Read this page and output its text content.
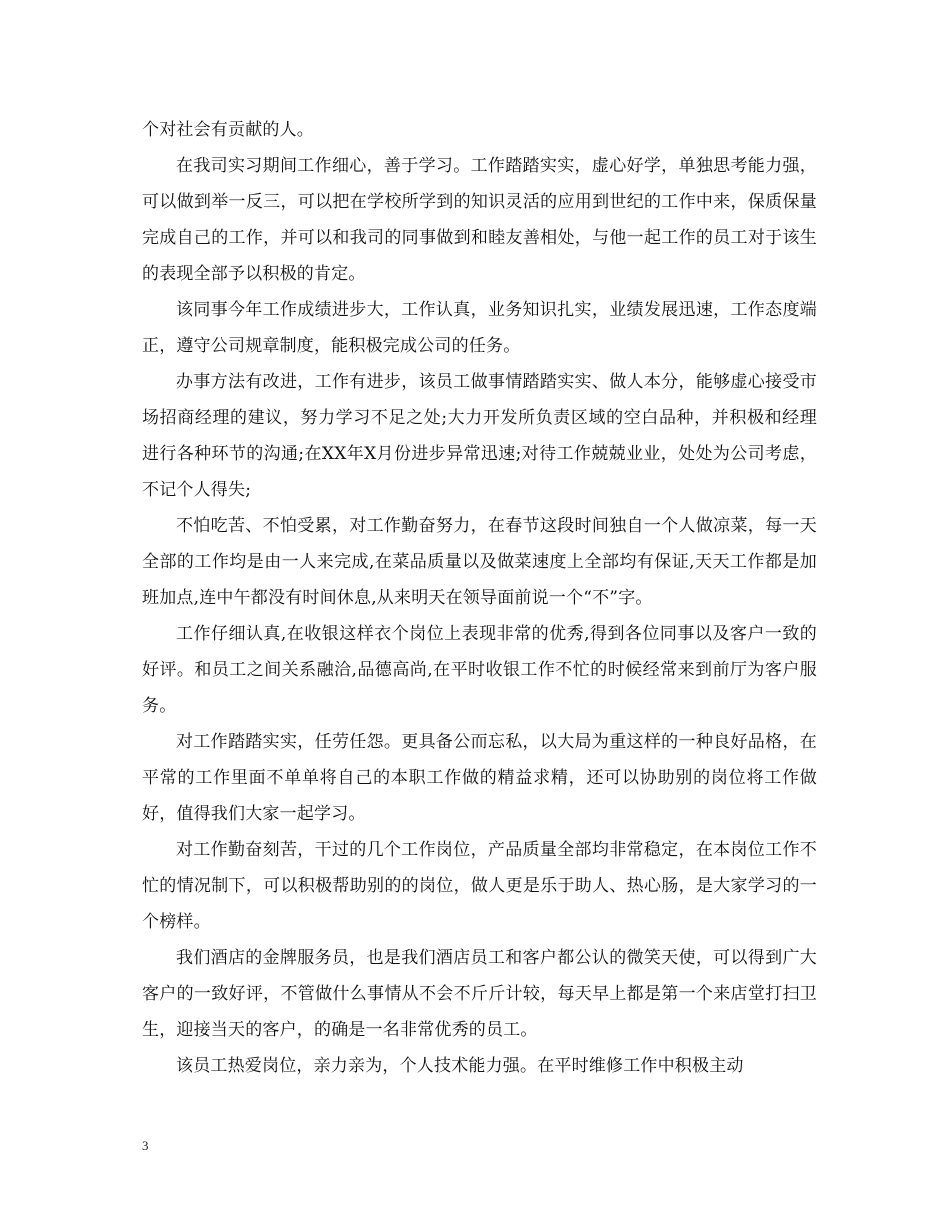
个对社会有贡献的人。

在我司实习期间工作细心，善于学习。工作踏踏实实，虚心好学，单独思考能力强，可以做到举一反三，可以把在学校所学到的知识灵活的应用到世纪的工作中来，保质保量完成自己的工作，并可以和我司的同事做到和睦友善相处，与他一起工作的员工对于该生的表现全部予以积极的肯定。

该同事今年工作成绩进步大，工作认真，业务知识扎实，业绩发展迅速，工作态度端正，遵守公司规章制度，能积极完成公司的任务。

办事方法有改进，工作有进步，该员工做事情踏踏实实、做人本分，能够虚心接受市场招商经理的建议，努力学习不足之处;大力开发所负责区域的空白品种，并积极和经理进行各种环节的沟通;在XX年X月份进步异常迅速;对待工作兢兢业业，处处为公司考虑，不记个人得失;

不怕吃苦、不怕受累，对工作勤奋努力，在春节这段时间独自一个人做凉菜，每一天全部的工作均是由一人来完成,在菜品质量以及做菜速度上全部均有保证,天天工作都是加班加点,连中午都没有时间休息,从来明天在领导面前说一个“不”字。

工作仔细认真,在收银这样衣个岗位上表现非常的优秀,得到各位同事以及客户一致的好评。和员工之间关系融洽,品德高尚,在平时收银工作不忙的时候经常来到前厅为客户服务。

对工作踏踏实实，任劳任怨。更具备公而忘私，以大局为重这样的一种良好品格，在平常的工作里面不单单将自己的本职工作做的精益求精，还可以协助别的岗位将工作做好，值得我们大家一起学习。

对工作勤奋刻苦，干过的几个工作岗位，产品质量全部均非常稳定，在本岗位工作不忙的情况制下，可以积极帮助别的的岗位，做人更是乐于助人、热心肠，是大家学习的一个榜样。

我们酒店的金牌服务员，也是我们酒店员工和客户都公认的微笑天使，可以得到广大客户的一致好评，不管做什么事情从不会不斤斤计较，每天早上都是第一个来店堂打扫卫生，迎接当天的客户，的确是一名非常优秀的员工。

该员工热爱岗位，亲力亲为，个人技术能力强。在平时维修工作中积极主动

3
